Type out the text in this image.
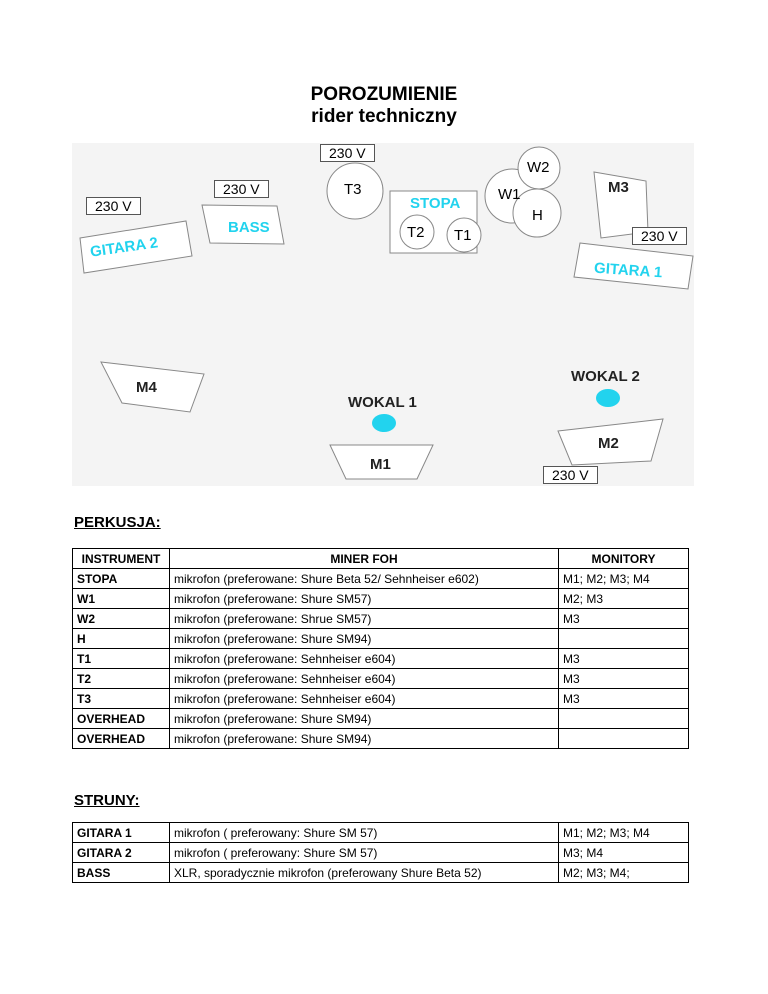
POROZUMIENIE
rider techniczny
230 V
230 V
230 V
230 V
230 V
BASS
GITARA 2
GITARA 1
STOPA
T3
T2 T1
W1
W2
H
M3
M4
M1
M2
WOKAL 1
WOKAL 2
PERKUSJA:
INSTRUMENT	MINER FOH	MONITORY
STOPA	mikrofon (preferowane: Shure Beta 52/ Sehnheiser e602)	M1; M2; M3; M4
W1	mikrofon (preferowane: Shure SM57)	M2; M3
W2	mikrofon (preferowane: Shrue SM57)	M3
H	mikrofon (preferowane: Shure SM94)	
T1	mikrofon (preferowane: Sehnheiser e604)	M3
T2	mikrofon (preferowane: Sehnheiser e604)	M3
T3	mikrofon (preferowane: Sehnheiser e604)	M3
OVERHEAD	mikrofon (preferowane: Shure SM94)	
OVERHEAD	mikrofon (preferowane: Shure SM94)	
STRUNY:
GITARA 1	mikrofon ( preferowany: Shure SM 57)	M1; M2; M3; M4
GITARA 2	mikrofon ( preferowany: Shure SM 57)	M3; M4
BASS	XLR, sporadycznie mikrofon (preferowany Shure Beta 52)	M2; M3; M4;
